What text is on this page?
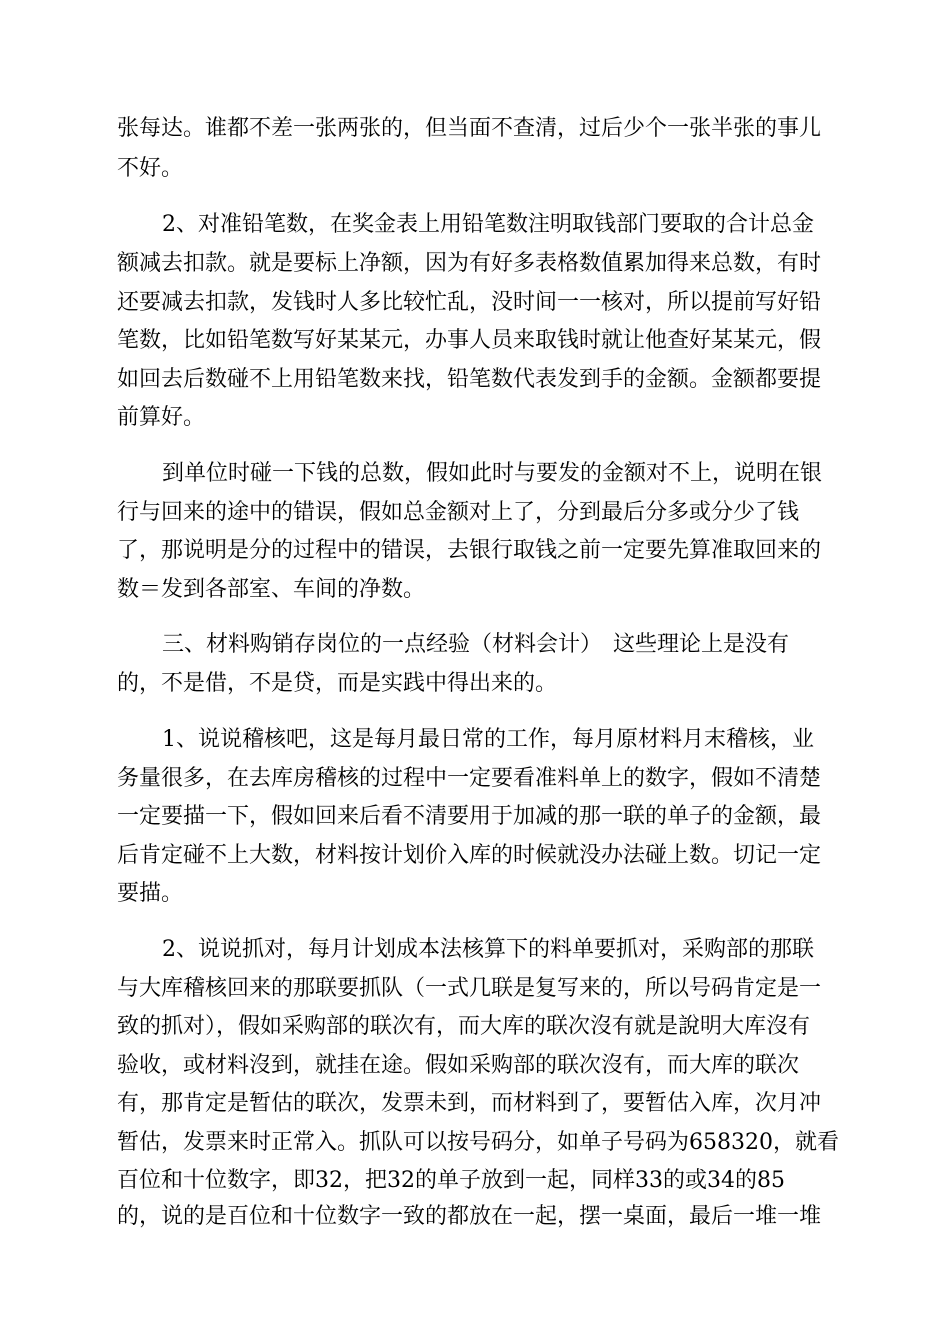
张每达。谁都不差一张两张的，但当面不查清，过后少个一张半张的事儿
不好。
2、对准铅笔数，在奖金表上用铅笔数注明取钱部门要取的合计总金
额减去扣款。就是要标上净额，因为有好多表格数值累加得来总数，有时
还要减去扣款，发钱时人多比较忙乱，没时间一一核对，所以提前写好铅
笔数，比如铅笔数写好某某元，办事人员来取钱时就让他查好某某元，假
如回去后数碰不上用铅笔数来找，铅笔数代表发到手的金额。金额都要提
前算好。
到单位时碰一下钱的总数，假如此时与要发的金额对不上，说明在银
行与回来的途中的错误，假如总金额对上了，分到最后分多或分少了钱
了，那说明是分的过程中的错误，去银行取钱之前一定要先算准取回来的
数＝发到各部室、车间的净数。
三、材料购销存岗位的一点经验（材料会计）　这些理论上是没有
的，不是借，不是贷，而是实践中得出来的。
1、说说稽核吧，这是每月最日常的工作，每月原材料月末稽核，业
务量很多，在去库房稽核的过程中一定要看准料单上的数字，假如不清楚
一定要描一下，假如回来后看不清要用于加减的那一联的单子的金额，最
后肯定碰不上大数，材料按计划价入库的时候就没办法碰上数。切记一定
要描。
2、说说抓对，每月计划成本法核算下的料单要抓对，采购部的那联
与大库稽核回来的那联要抓队（一式几联是复写来的，所以号码肯定是一
致的抓对），假如采购部的联次有，而大库的联次沒有就是說明大库沒有
验收，或材料沒到，就挂在途。假如采购部的联次沒有，而大库的联次
有，那肯定是暂估的联次，发票未到，而材料到了，要暂估入库，次月冲
暂估，发票来时正常入。抓队可以按号码分，如单子号码为658320，就看
百位和十位数字，即32，把32的单子放到一起，同样33的或34的85
的，说的是百位和十位数字一致的都放在一起，摆一桌面，最后一堆一堆
